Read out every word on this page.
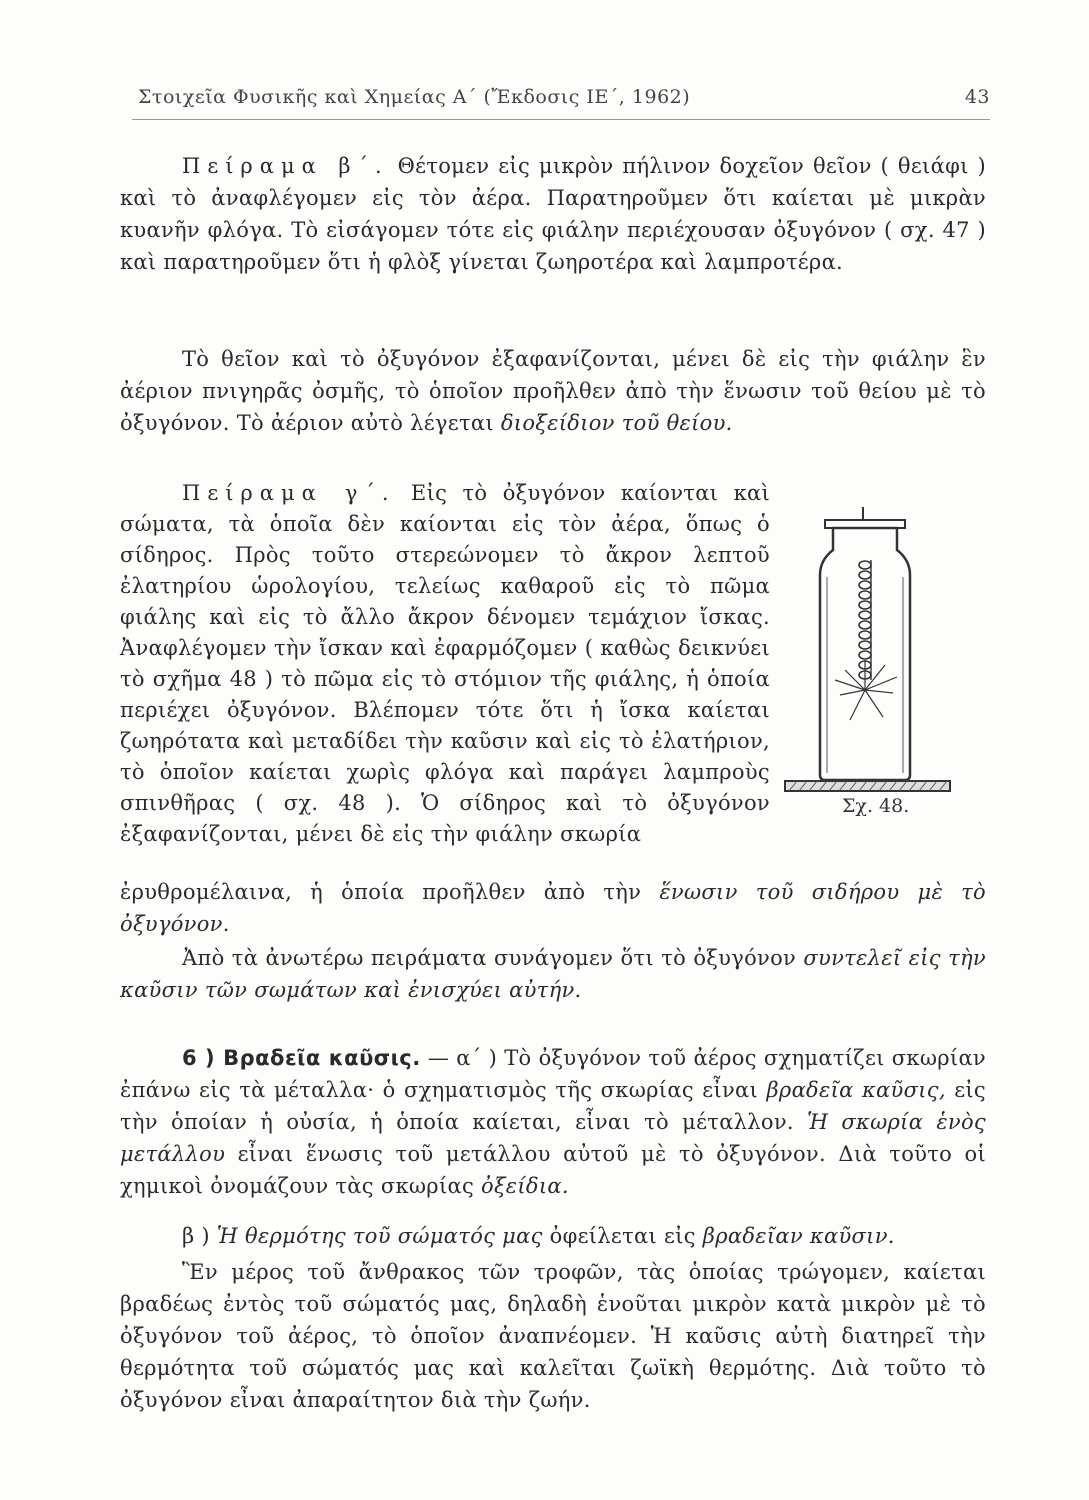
Στοιχεῖα Φυσικῆς καὶ Χημείας Α΄ (Ἔκδοσις ΙΕ΄, 1962)	43
Πείραμα β΄. Θέτομεν εἰς μικρὸν πήλινον δοχεῖον θεῖον ( θειάφι ) καὶ τὸ ἀναφλέγομεν εἰς τὸν ἀέρα. Παρατηροῦμεν ὅτι καίεται μὲ μικρὰν κυανῆν φλόγα. Τὸ εἰσάγομεν τότε εἰς φιάλην περιέχουσαν ὀξυγόνον ( σχ. 47 ) καὶ παρατηροῦμεν ὅτι ἡ φλὸξ γίνεται ζωηροτέρα καὶ λαμπροτέρα.
Τὸ θεῖον καὶ τὸ ὀξυγόνον ἐξαφανίζονται, μένει δὲ εἰς τὴν φιάλην ἓν ἀέριον πνιγηρᾶς ὀσμῆς, τὸ ὁποῖον προῆλθεν ἀπὸ τὴν ἕνωσιν τοῦ θείου μὲ τὸ ὀξυγόνον. Τὸ ἀέριον αὐτὸ λέγεται διοξείδιον τοῦ θείου.
Πείραμα γ΄. Εἰς τὸ ὀξυγόνον καίονται καὶ σώματα, τὰ ὁποῖα δὲν καίονται εἰς τὸν ἀέρα, ὅπως ὁ σίδηρος. Πρὸς τοῦτο στερεώνομεν τὸ ἄκρον λεπτοῦ ἐλατηρίου ὡρολογίου, τελείως καθαροῦ εἰς τὸ πῶμα φιάλης καὶ εἰς τὸ ἄλλο ἄκρον δένομεν τεμάχιον ἴσκας. Ἀναφλέγομεν τὴν ἴσκαν καὶ ἐφαρμόζομεν ( καθὼς δεικνύει τὸ σχῆμα 48 ) τὸ πῶμα εἰς τὸ στόμιον τῆς φιάλης, ἡ ὁποία περιέχει ὀξυγόνον. Βλέπομεν τότε ὅτι ἡ ἴσκα καίεται ζωηρότατα καὶ μεταδίδει τὴν καῦσιν καὶ εἰς τὸ ἐλατήριον, τὸ ὁποῖον καίεται χωρὶς φλόγα καὶ παράγει λαμπροὺς σπινθῆρας ( σχ. 48 ). Ὁ σίδηρος καὶ τὸ ὀξυγόνον ἐξαφανίζονται, μένει δὲ εἰς τὴν φιάλην σκωρία
Σχ. 48.
ἐρυθρομέλαινα, ἡ ὁποία προῆλθεν ἀπὸ τὴν ἕνωσιν τοῦ σιδήρου μὲ τὸ ὀξυγόνον.
Ἀπὸ τὰ ἀνωτέρω πειράματα συνάγομεν ὅτι τὸ ὀξυγόνον συντελεῖ εἰς τὴν καῦσιν τῶν σωμάτων καὶ ἐνισχύει αὐτήν.
6 ) Βραδεῖα καῦσις. — α΄ ) Τὸ ὀξυγόνον τοῦ ἀέρος σχηματίζει σκωρίαν ἐπάνω εἰς τὰ μέταλλα· ὁ σχηματισμὸς τῆς σκωρίας εἶναι βραδεῖα καῦσις, εἰς τὴν ὁποίαν ἡ οὐσία, ἡ ὁποία καίεται, εἶναι τὸ μέταλλον. Ἡ σκωρία ἑνὸς μετάλλου εἶναι ἕνωσις τοῦ μετάλλου αὐτοῦ μὲ τὸ ὀξυγόνον. Διὰ τοῦτο οἱ χημικοὶ ὀνομάζουν τὰς σκωρίας ὀξείδια.
β ) Ἡ θερμότης τοῦ σώματός μας ὀφείλεται εἰς βραδεῖαν καῦσιν.
Ἓν μέρος τοῦ ἄνθρακος τῶν τροφῶν, τὰς ὁποίας τρώγομεν, καίεται βραδέως ἐντὸς τοῦ σώματός μας, δηλαδὴ ἑνοῦται μικρὸν κατὰ μικρὸν μὲ τὸ ὀξυγόνον τοῦ ἀέρος, τὸ ὁποῖον ἀναπνέομεν. Ἡ καῦσις αὐτὴ διατηρεῖ τὴν θερμότητα τοῦ σώματός μας καὶ καλεῖται ζωϊκὴ θερμότης. Διὰ τοῦτο τὸ ὀξυγόνον εἶναι ἀπαραίτητον διὰ τὴν ζωήν.
